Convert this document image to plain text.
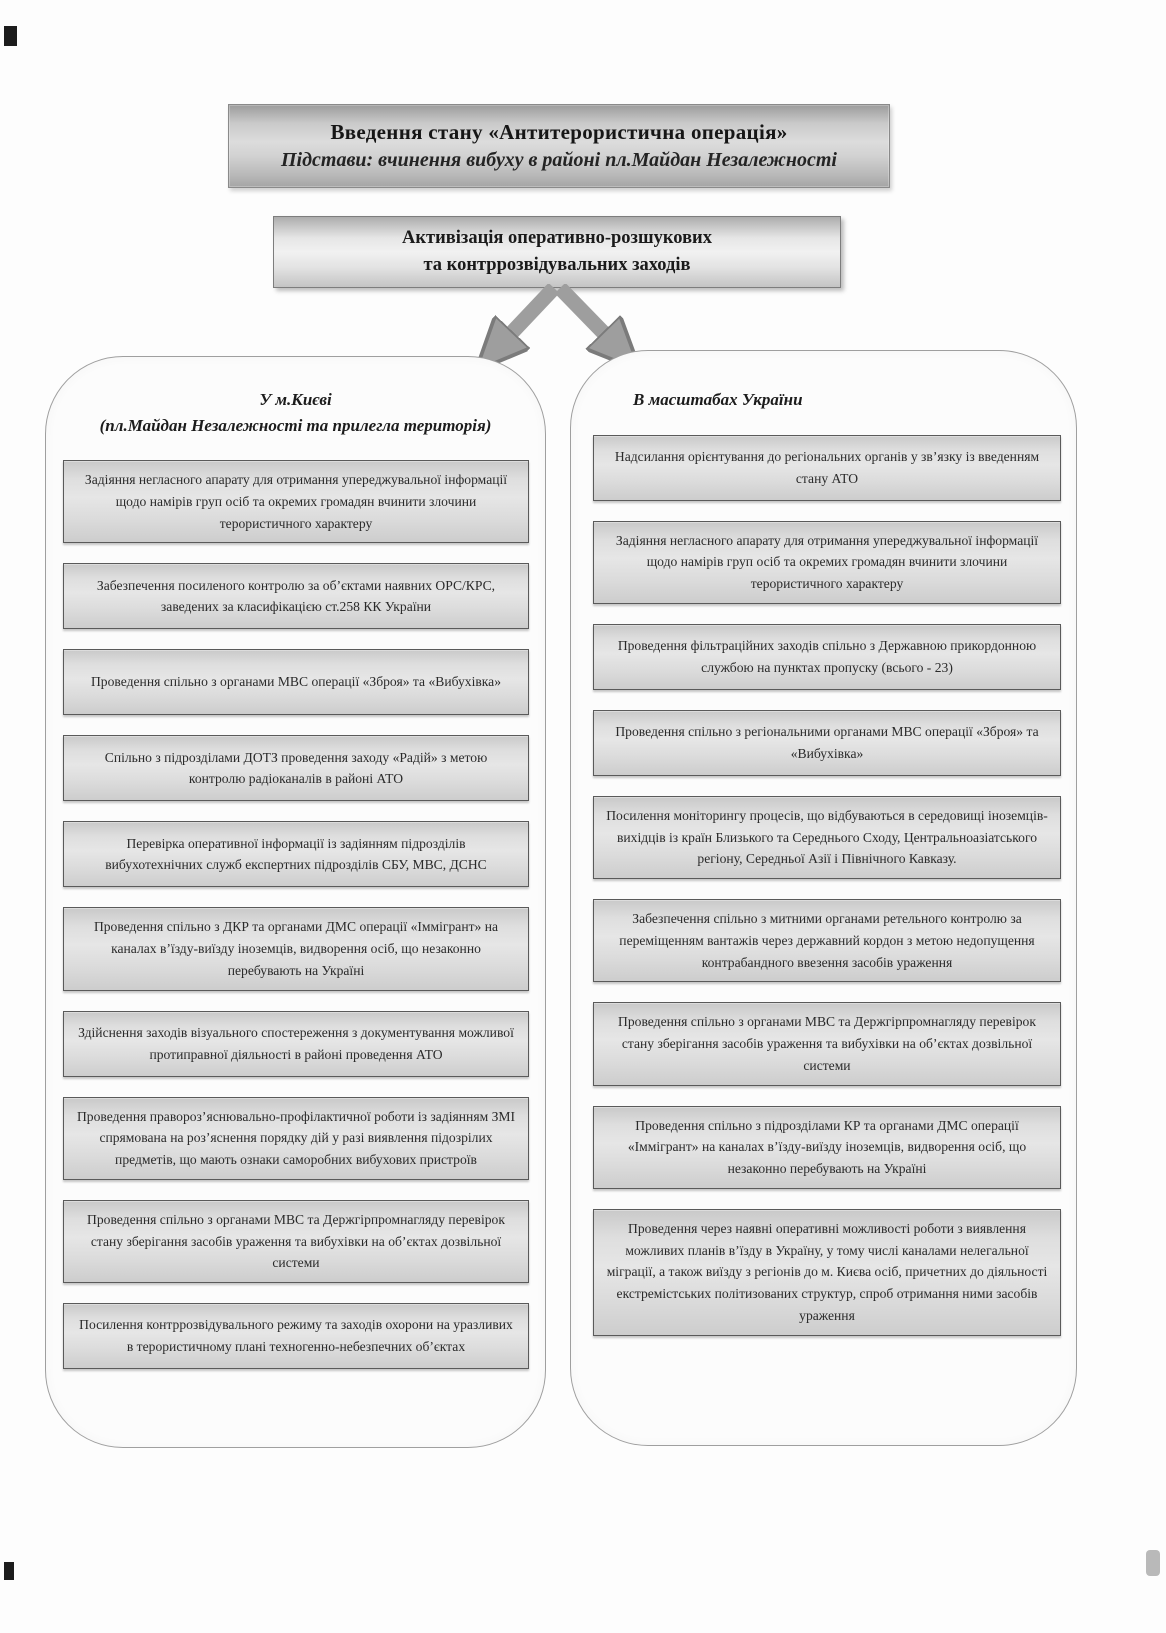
Введення стану «Антитерористична операція»
Підстави: вчинення вибуху в районі пл.Майдан Незалежності
Активізація оперативно-розшукових
та контррозвідувальних заходів
У м.Києві
(пл.Майдан Незалежності та прилегла територія)
Задіяння негласного апарату для отримання упереджувальної інформації щодо намірів груп осіб та окремих громадян вчинити злочини терористичного характеру
Забезпечення посиленого контролю за об’єктами наявних ОРС/КРС, заведених за класифікацією ст.258 КК України
Проведення спільно з органами МВС операції «Зброя» та «Вибухівка»
Спільно з підрозділами ДОТЗ проведення заходу «Радій» з метою контролю радіоканалів в районі АТО
Перевірка оперативної інформації із задіянням підрозділів вибухотехнічних служб експертних підрозділів СБУ, МВС, ДСНС
Проведення спільно з ДКР та органами ДМС операції «Іммігрант» на каналах в’їзду-виїзду іноземців, видворення осіб, що незаконно перебувають на Україні
Здійснення заходів візуального спостереження з документування можливої протиправної діяльності в районі проведення АТО
Проведення праворозʼяснювально-профілактичної роботи із задіянням ЗМІ спрямована на розʼяснення порядку дій у разі виявлення підозрілих предметів, що мають ознаки саморобних вибухових пристроїв
Проведення спільно з органами МВС та Держгірпромнагляду перевірок стану зберігання засобів ураження та вибухівки на об’єктах дозвільної системи
Посилення контррозвідувального режиму та заходів охорони на уразливих в терористичному плані техногенно-небезпечних об’єктах
В масштабах України
Надсилання орієнтування до регіональних органів у зв’язку із введенням стану АТО
Задіяння негласного апарату для отримання упереджувальної інформації щодо намірів груп осіб та окремих громадян вчинити злочини терористичного характеру
Проведення фільтраційних заходів спільно з Державною прикордонною службою на пунктах пропуску (всього - 23)
Проведення спільно з регіональними органами МВС операції «Зброя» та «Вибухівка»
Посилення моніторингу процесів, що відбуваються в середовищі іноземців-вихідців із країн Близького та Середнього Сходу, Центральноазіатського регіону, Середньої Азії і Північного Кавказу.
Забезпечення спільно з митними органами ретельного контролю за переміщенням вантажів через державний кордон з метою недопущення контрабандного ввезення засобів ураження
Проведення спільно з органами МВС та Держгірпромнагляду перевірок стану зберігання засобів ураження та вибухівки на об’єктах дозвільної системи
Проведення спільно з підрозділами КР та органами ДМС операції «Іммігрант» на каналах в’їзду-виїзду іноземців, видворення осіб, що незаконно перебувають на Україні
Проведення через наявні оперативні можливості роботи з виявлення можливих планів в’їзду в Україну, у тому числі каналами нелегальної міграції, а також виїзду з регіонів до м. Києва осіб, причетних до діяльності екстремістських політизованих структур, спроб отримання ними засобів ураження
